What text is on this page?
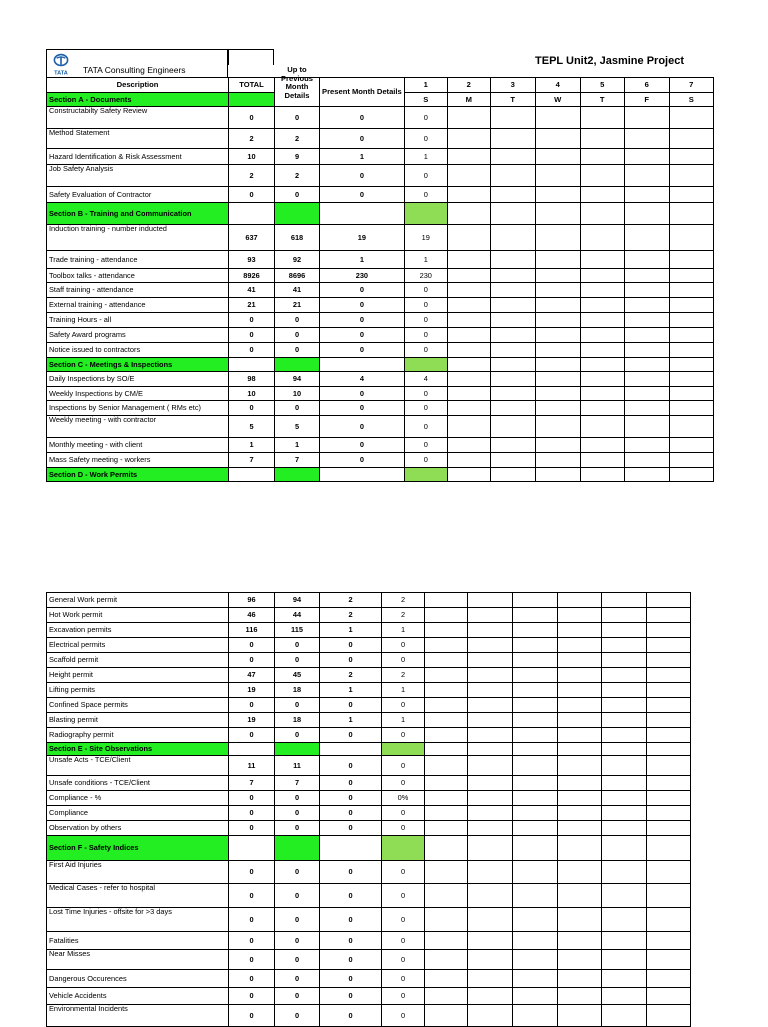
TATA TATA Consulting Engineers
TEPL Unit2, Jasmine Project
Description	TOTAL	Up to Previous Month Details	Present Month Details	1	2	3	4	5	6	7
Section A - Documents				S	M	T	W	T	F	S
Constructabilty Safety Review	0	0	0	0						
Method Statement	2	2	0	0						
Hazard Identification & Risk Assessment	10	9	1	1						
Job Safety Analysis	2	2	0	0						
Safety Evaluation of Contractor	0	0	0	0						
Section B - Training and Communication										
Induction training - number inducted	637	618	19	19						
Trade training - attendance	93	92	1	1						
Toolbox talks - attendance	8926	8696	230	230						
Staff training - attendance	41	41	0	0						
External training - attendance	21	21	0	0						
Training Hours - all	0	0	0	0						
Safety Award programs	0	0	0	0						
Notice issued to contractors	0	0	0	0						
Section C - Meetings & Inspections										
Daily Inspections by SO/E	98	94	4	4						
Weekly Inspections by CM/E	10	10	0	0						
Inspections by Senior Management ( RMs etc)	0	0	0	0						
Weekly meeting - with contractor	5	5	0	0						
Monthly meeting - with client	1	1	0	0						
Mass Safety meeting - workers	7	7	0	0						
Section D - Work Permits										
General Work permit	96	94	2	2						
Hot Work permit	46	44	2	2						
Excavation permits	116	115	1	1						
Electrical permits	0	0	0	0						
Scaffold permit	0	0	0	0						
Height permit	47	45	2	2						
Lifting permits	19	18	1	1						
Confined Space permits	0	0	0	0						
Blasting permit	19	18	1	1						
Radiography permit	0	0	0	0						
Section E - Site Observations										
Unsafe Acts - TCE/Client	11	11	0	0						
Unsafe conditions - TCE/Client	7	7	0	0						
Compliance - %	0	0	0	0%						
Compliance	0	0	0	0						
Observation by others	0	0	0	0						
Section F - Safety Indices										
First Aid Injuries	0	0	0	0						
Medical Cases - refer to hospital	0	0	0	0						
Lost Time Injuries - offsite for >3 days	0	0	0	0						
Fatalities	0	0	0	0						
Near Misses	0	0	0	0						
Dangerous Occurences	0	0	0	0						
Vehicle Accidents	0	0	0	0						
Environmental Incidents	0	0	0	0						
